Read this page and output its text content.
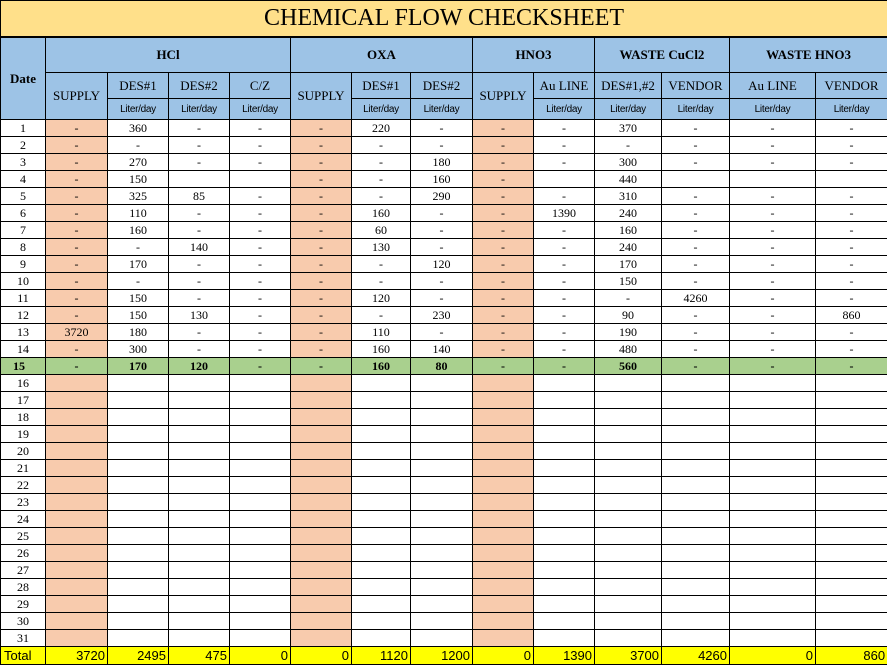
CHEMICAL FLOW CHECKSHEET													
Date	HCl				OXA			HNO3		WASTE CuCl2		WASTE HNO3	
	SUPPLY	DES#1	DES#2	C/Z	SUPPLY	DES#1	DES#2	SUPPLY	Au LINE	DES#1,#2	VENDOR	Au LINE	VENDOR
		Liter/day	Liter/day	Liter/day		Liter/day	Liter/day		Liter/day	Liter/day	Liter/day	Liter/day	Liter/day
1	-	360	-	-	-	220	-	-	-	370	-	-	-
2	-	-	-	-	-	-	-	-	-	-	-	-	-
3	-	270	-	-	-	-	180	-	-	300	-	-	-
4	-	150			-	-	160	-		440			
5	-	325	85	-	-	-	290	-	-	310	-	-	-
6	-	110	-	-	-	160	-	-	1390	240	-	-	-
7	-	160	-	-	-	60	-	-	-	160	-	-	-
8	-	-	140	-	-	130	-	-	-	240	-	-	-
9	-	170	-	-	-	-	120	-	-	170	-	-	-
10	-	-	-	-	-	-	-	-	-	150	-	-	-
11	-	150	-	-	-	120	-	-	-	-	4260	-	-
12	-	150	130	-	-	-	230	-	-	90	-	-	860
13	3720	180	-	-	-	110	-	-	-	190	-	-	-
14	-	300	-	-	-	160	140	-	-	480	-	-	-
15	-	170	120	-	-	160	80	-	-	560	-	-	-
16													
17													
18													
19													
20													
21													
22													
23													
24													
25													
26													
27													
28													
29													
30													
31													
Total	3720	2495	475	0	0	1120	1200	0	1390	3700	4260	0	860
